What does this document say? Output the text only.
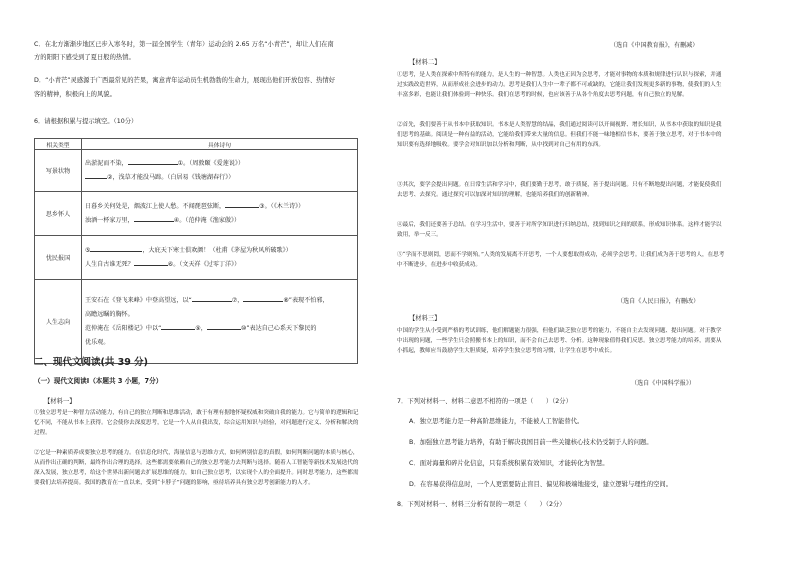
C．在北方渐渐步地区已步入寒冬时，第一届全国学生（青年）运动会的 2.65 万名“小青芒”，却让人们在南

方的阳阳下感受到了夏日般的热情。

D．“小青芒”灵感源于广西最常见的芒果，寓意青年运动员生机勃勃的生命力，展现出他们开放包容、热情好

客的精神，积极向上的风貌。

6．请根据积累与提示填空。（10分）

相关类型	具体诗句
写景状物	出淤泥而不染， ①。（周敦颐《爱莲说》）
②，浅草才能没马蹄。（白居易《钱塘湖春行》）

思乡怀人	日暮乡关何处是，烟波江上使人愁。不闻琵琶弦断， ③。（《木兰诗》）
浊酒一杯家万里， ④。（范仲淹《渔家傲》）

忧民报国	⑤ ，大庇天下寒士俱欢颜！（杜甫《茅屋为秋风所破歌》）
人生自古谁无死？ ⑥。（文天祥《过零丁洋》）

人生志向	王安石在《登飞来峰》中登高望远，以“ ⑦， ⑧”表现不怕邪，
高瞻远瞩的胸怀。
范仲淹在《岳阳楼记》中以“ ⑨， ⑩”表达自己心系天下黎民的
优乐观。

二、现代文阅读(共 39 分)

（一）现代文阅读Ⅰ（本题共 3 小题，7分）

【材料一】

①独立思考是一种智力活动能力，有自己的独立判断和思维活动，敢于有理有据地怀疑权威和突破自我的能力。它与简单的逻辑和记忆不同，不能从书本上获得。它会使你去深度思考，它是一个人从自我出发，综合运用知识与经验，对问题进行定义、分析和解决的过程。

②它是一种素质养成要独立思考的能力。在信息化时代，海量信息与思维方式，如何辨别信息的真假，如何判断问题的本质与核心，从而作出正确的判断，最终作出合理的选择。这些都需要依赖自己的独立思考能力去判断与选择。随着人工智能等新技术发展迭代的深入发展，独立思考，给这个世界出新问题去扩展思维的能力，如自己独立思考，以实现个人的全面提升。同时思考能力，这些都需要我们去培养提高。我国的教育在一直以来，受到“卡脖子”问题的影响，亟待培养具有独立思考创新能力的人才。

（选自《中国教育报》，有删减）

【材料二】

①思考，是人类在探索中所特有的能力，是人生的一种智慧。人类也正因为会思考，才能对事物的本质和规律进行认识与探索，并通过实践改造世界，从而形成社会进步的动力。思考是我们人生中一辈子都不可或缺的，它能让我们发现更多新的事物，使我们的人生丰富多彩，也能让我们体验到一种快乐。我们在思考的时候，也应该善于从各个角度去思考问题，有自己独立的见解。

②首先，我们要善于从书本中获取知识。书本是人类智慧的结晶，我们通过阅读可以开阔视野、增长知识，从书本中获取的知识是我们思考的基础。阅读是一种有益的活动，它能给我们带来大量的信息。但我们不能一味地相信书本，要善于独立思考，对于书本中的知识要有选择地吸收。要学会对知识加以分析和判断，从中找到对自己有用的东西。

③其次，要学会提出问题。在日常生活和学习中，我们要勤于思考，敢于质疑，善于提出问题。只有不断地提出问题，才能促使我们去思考、去探究。通过探究可以加深对知识的理解，也能培养我们的创新精神。

④最后，我们还要善于总结。在学习生活中，要善于对所学知识进行归纳总结，找到知识之间的联系，形成知识体系。这样才能学以致用，举一反三。

⑤“学而不思则罔，思而不学则殆。”人类的发展离不开思考，一个人要想取得成功，必须学会思考。让我们成为善于思考的人，在思考中不断进步，在进步中收获成功。

（选自《人民日报》，有删改）

【材料三】

中国的学生从小受到严格的考试训练，他们解题能力很强，但他们缺乏独立思考的能力，不能自主去发现问题、提出问题。对于教学中出现的问题，一些学生只会照搬书本上的知识，而不会自己去思考、分析。这种现象值得我们反思。独立思考能力的培养，需要从小抓起，教师应当鼓励学生大胆质疑，培养学生独立思考的习惯，让学生在思考中成长。

（选自《中国科学报》）

7．下列对材料一、材料二意思不相符的一项是（　　）（2分）

A．独立思考能力是一种高阶思维能力，不能被人工智能替代。

B．加强独立思考能力培养，有助于解决我国目前一些关键核心技术仍受制于人的问题。

C．面对海量和碎片化信息，只有系统积累有效知识，才能转化为智慧。

D．在容易获得信息时，一个人更需要防止盲目、偏见和极端地接受，建立逻辑与理性的空间。

8．下列对材料一、材料三分析有误的一项是（　　）（2分）
